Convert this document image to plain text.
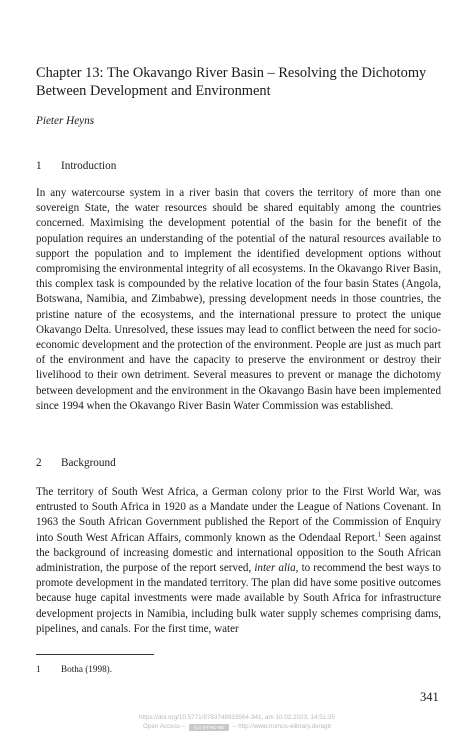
Chapter 13: The Okavango River Basin – Resolving the Dichotomy Between Development and Environment
Pieter Heyns
1 Introduction
In any watercourse system in a river basin that covers the territory of more than one sovereign State, the water resources should be shared equitably among the countries concerned. Maximising the development potential of the basin for the benefit of the population requires an understanding of the potential of the natural resources available to support the population and to implement the identified development options without compromising the environmental integrity of all ecosystems. In the Okavango River Basin, this complex task is compounded by the relative location of the four basin States (Angola, Botswana, Namibia, and Zimbabwe), pressing development needs in those countries, the pristine nature of the ecosystems, and the international pressure to protect the unique Okavango Delta. Unresolved, these issues may lead to conflict between the need for socio-economic development and the protection of the environment. People are just as much part of the environment and have the capacity to preserve the environment or destroy their livelihood to their own detriment. Several measures to prevent or manage the dichotomy between development and the environment in the Okavango Basin have been implemented since 1994 when the Okavango River Basin Water Commission was established.
2 Background
The territory of South West Africa, a German colony prior to the First World War, was entrusted to South Africa in 1920 as a Mandate under the League of Nations Covenant. In 1963 the South African Government published the Report of the Commission of Enquiry into South West African Affairs, commonly known as the Odendaal Report.$^1$ Seen against the background of increasing domestic and international opposition to the South African administration, the purpose of the report served, inter alia, to recommend the best ways to promote development in the mandated territory. The plan did have some positive outcomes because huge capital investments were made available by South Africa for infrastructure development projects in Namibia, including bulk water supply schemes comprising dams, pipelines, and canals. For the first time, water
1 Botha (1998).
341
https://doi.org/10.5771/9783748933564-341, am 10.02.2023, 14:51:35
Open Access – (cc) BY-NC-ND – http://www.nomos-elibrary.de/agb
